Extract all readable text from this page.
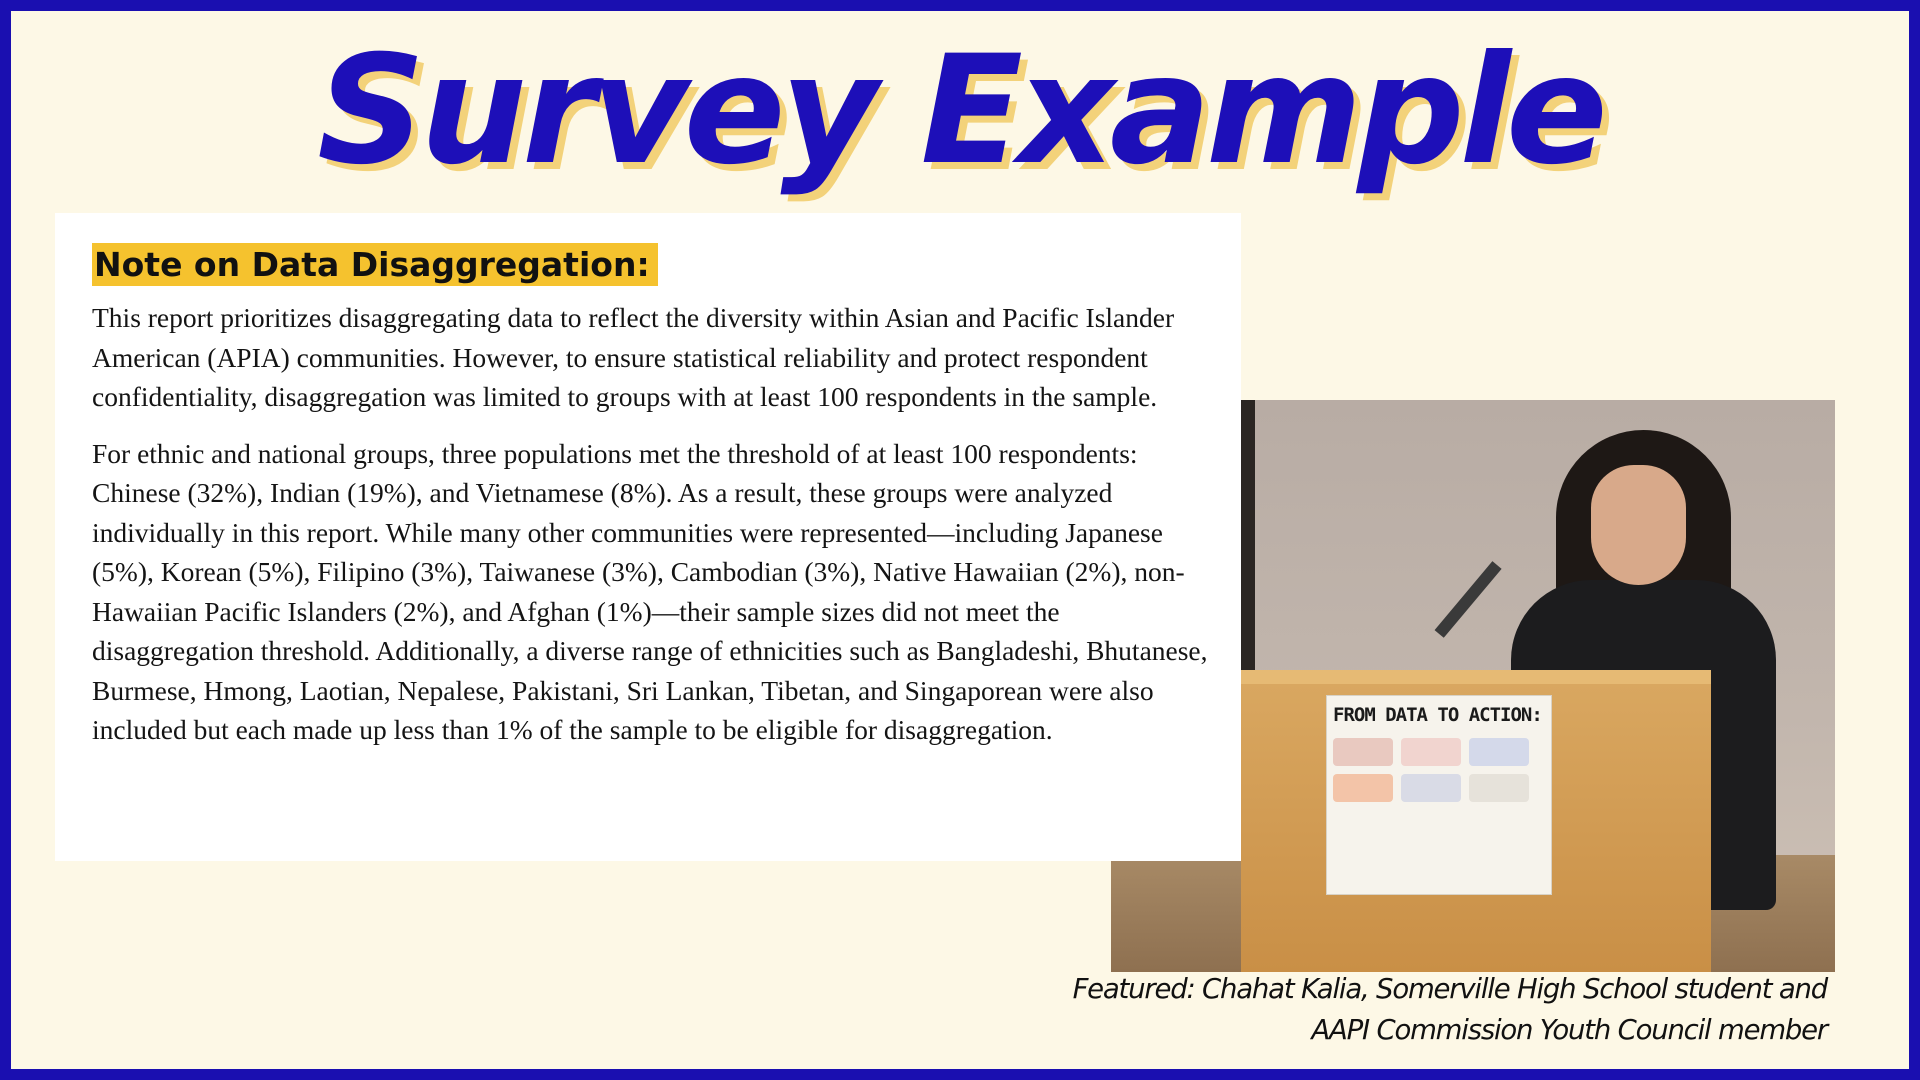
Survey Example
Note on Data Disaggregation:

This report prioritizes disaggregating data to reflect the diversity within Asian and Pacific Islander American (APIA) communities. However, to ensure statistical reliability and protect respondent confidentiality, disaggregation was limited to groups with at least 100 respondents in the sample.

For ethnic and national groups, three populations met the threshold of at least 100 respondents: Chinese (32%), Indian (19%), and Vietnamese (8%). As a result, these groups were analyzed individually in this report. While many other communities were represented—including Japanese (5%), Korean (5%), Filipino (3%), Taiwanese (3%), Cambodian (3%), Native Hawaiian (2%), non-Hawaiian Pacific Islanders (2%), and Afghan (1%)—their sample sizes did not meet the disaggregation threshold. Additionally, a diverse range of ethnicities such as Bangladeshi, Bhutanese, Burmese, Hmong, Laotian, Nepalese, Pakistani, Sri Lankan, Tibetan, and Singaporean were also included but each made up less than 1% of the sample to be eligible for disaggregation.	FROM DATA TO ACTION:
Featured: Chahat Kalia, Somerville High School student and
AAPI Commission Youth Council member
